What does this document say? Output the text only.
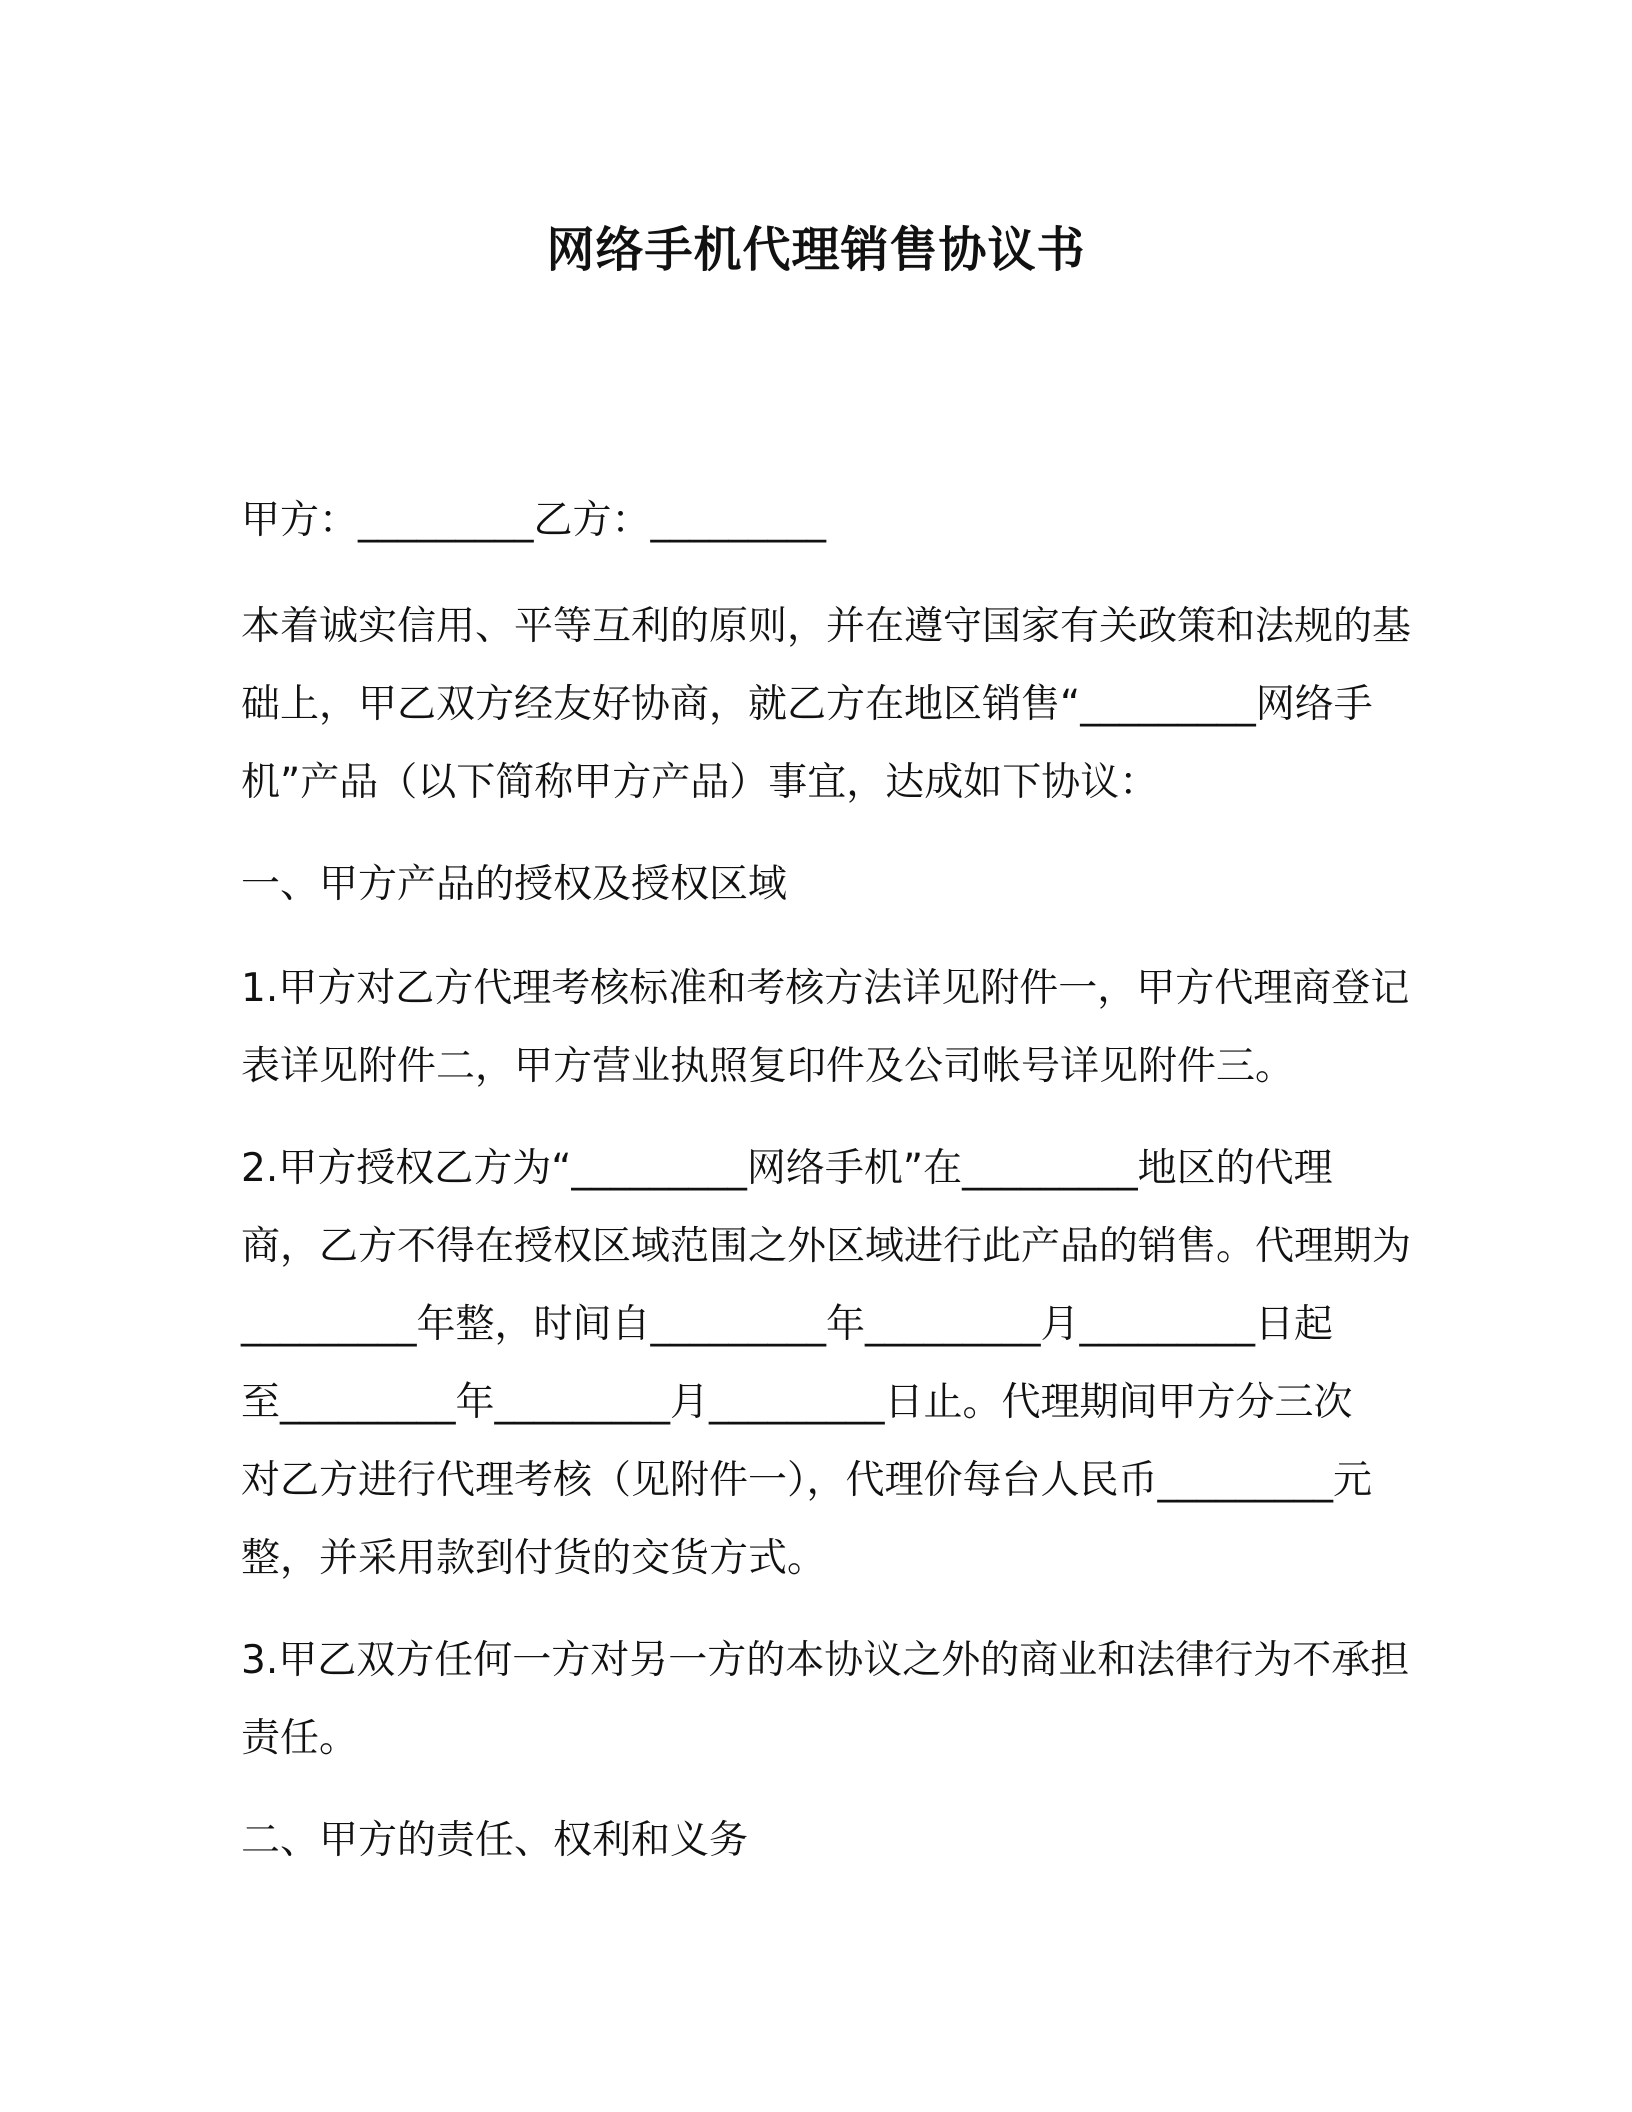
网络手机代理销售协议书

甲方：_________乙方：_________

本着诚实信用、平等互利的原则，并在遵守国家有关政策和法规的基
础上，甲乙双方经友好协商，就乙方在地区销售“_________网络手
机”产品（以下简称甲方产品）事宜，达成如下协议：

一、甲方产品的授权及授权区域

1.甲方对乙方代理考核标准和考核方法详见附件一，甲方代理商登记
表详见附件二，甲方营业执照复印件及公司帐号详见附件三。

2.甲方授权乙方为“_________网络手机”在_________地区的代理
商，乙方不得在授权区域范围之外区域进行此产品的销售。代理期为
_________年整，时间自_________年_________月_________日起
至_________年_________月_________日止。代理期间甲方分三次
对乙方进行代理考核（见附件一），代理价每台人民币_________元
整，并采用款到付货的交货方式。

3.甲乙双方任何一方对另一方的本协议之外的商业和法律行为不承担
责任。

二、甲方的责任、权利和义务
